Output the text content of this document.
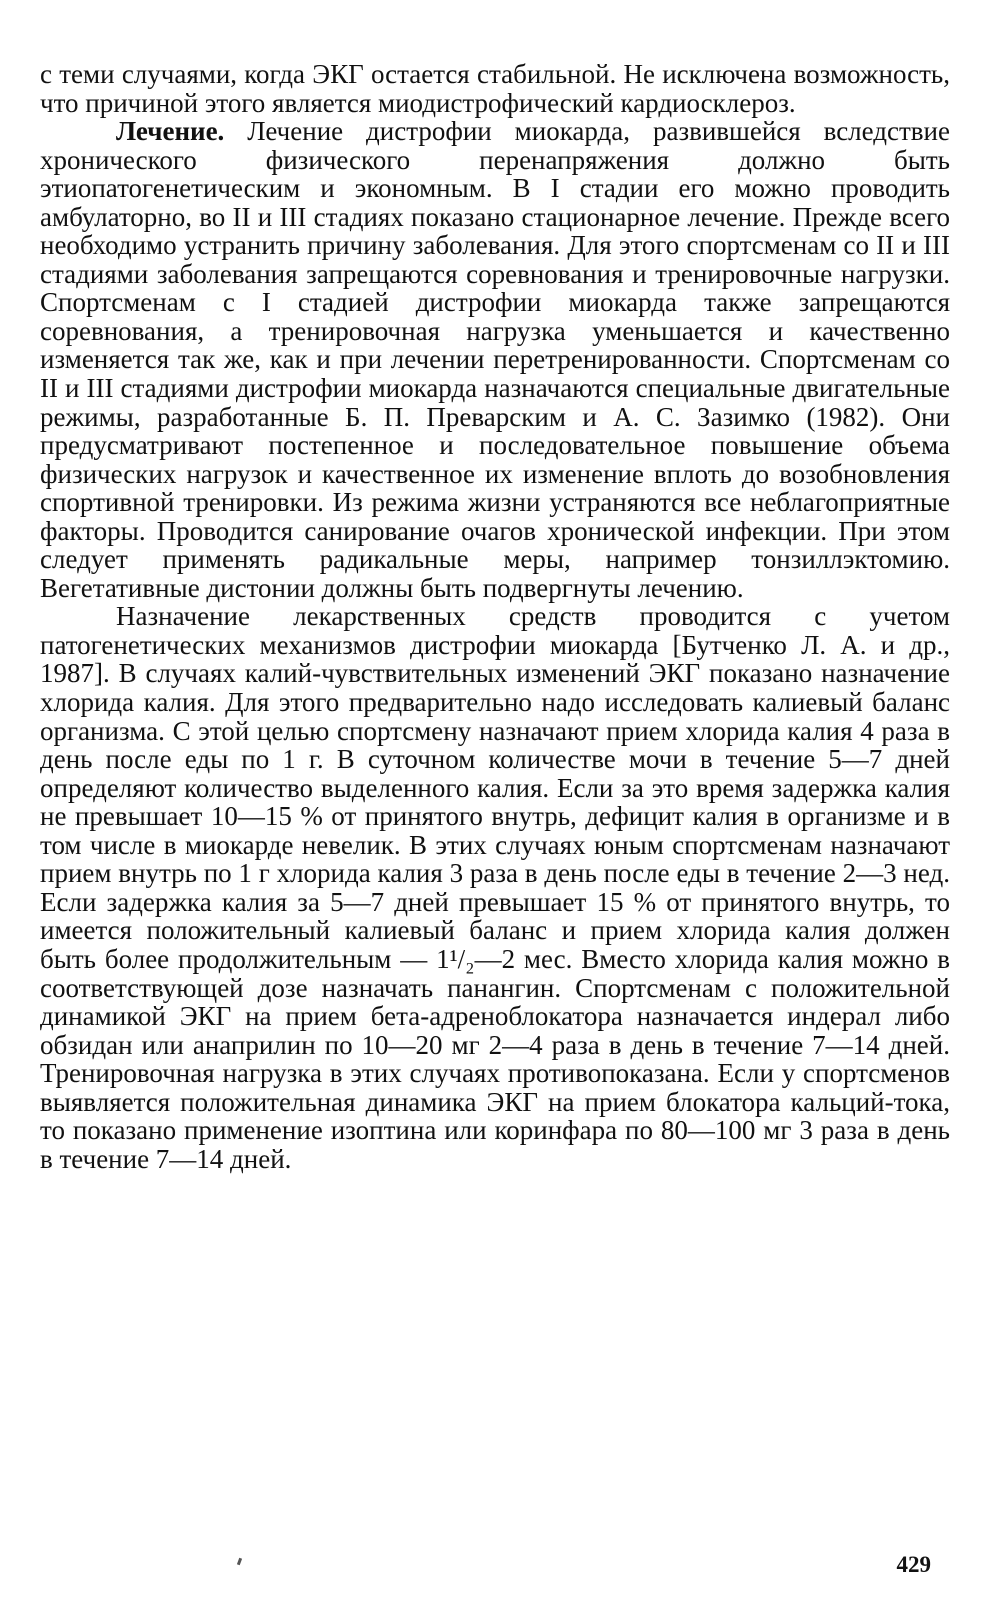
с теми случаями, когда ЭКГ остается стабильной. Не исключена возможность, что причиной этого является миодистрофический кардиосклероз.

Лечение. Лечение дистрофии миокарда, развившейся вследствие хронического физического перенапряжения должно быть этиопатогенетическим и экономным. В I стадии его можно проводить амбулаторно, во II и III стадиях показано стационарное лечение. Прежде всего необходимо устранить причину заболевания. Для этого спортсменам со II и III стадиями заболевания запрещаются соревнования и тренировочные нагрузки. Спортсменам с I стадией дистрофии миокарда также запрещаются соревнования, а тренировочная нагрузка уменьшается и качественно изменяется так же, как и при лечении перетренированности. Спортсменам со II и III стадиями дистрофии миокарда назначаются специальные двигательные режимы, разработанные Б. П. Преварским и А. С. Зазимко (1982). Они предусматривают постепенное и последовательное повышение объема физических нагрузок и качественное их изменение вплоть до возобновления спортивной тренировки. Из режима жизни устраняются все неблагоприятные факторы. Проводится санирование очагов хронической инфекции. При этом следует применять радикальные меры, например тонзиллэктомию. Вегетативные дистонии должны быть подвергнуты лечению.

Назначение лекарственных средств проводится с учетом патогенетических механизмов дистрофии миокарда [Бутченко Л. А. и др., 1987]. В случаях калий-чувствительных изменений ЭКГ показано назначение хлорида калия. Для этого предварительно надо исследовать калиевый баланс организма. С этой целью спортсмену назначают прием хлорида калия 4 раза в день после еды по 1 г. В суточном количестве мочи в течение 5—7 дней определяют количество выделенного калия. Если за это время задержка калия не превышает 10—15 % от принятого внутрь, дефицит калия в организме и в том числе в миокарде невелик. В этих случаях юным спортсменам назначают прием внутрь по 1 г хлорида калия 3 раза в день после еды в течение 2—3 нед. Если задержка калия за 5—7 дней превышает 15 % от принятого внутрь, то имеется положительный калиевый баланс и прием хлорида калия должен быть более продолжительным — 1¹/₂—2 мес. Вместо хлорида калия можно в соответствующей дозе назначать панангин. Спортсменам с положительной динамикой ЭКГ на прием бета-адреноблокатора назначается индерал либо обзидан или анаприлин по 10—20 мг 2—4 раза в день в течение 7—14 дней. Тренировочная нагрузка в этих случаях противопоказана. Если у спортсменов выявляется положительная динамика ЭКГ на прием блокатора кальций-тока, то показано применение изоптина или коринфара по 80—100 мг 3 раза в день в течение 7—14 дней.

429
